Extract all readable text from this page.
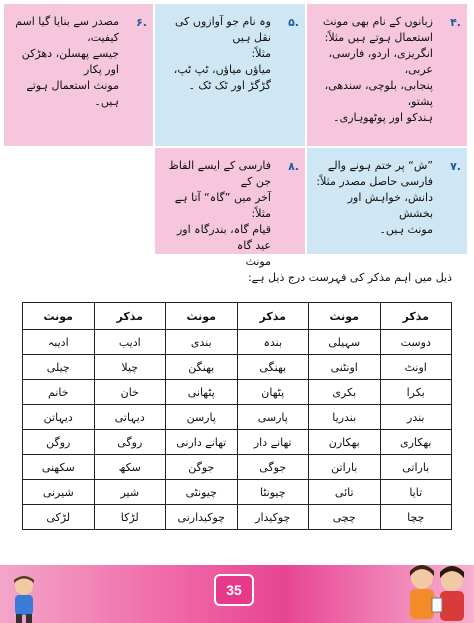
۴.
زبانوں کے نام بھی مونث
استعمال ہوتے ہیں مثلاً:
انگریزی، اردو، فارسی، عربی،
پنجابی، بلوچی، سندھی، پشتو،
ہندکو اور پوٹھوہاری۔
۵.
وہ نام جو آوازوں کی نقل ہیں
مثلاً:
میاؤں میاؤں، ٹپ ٹپ،
گڑگڑ اور ٹک ٹک ۔
۶.
مصدر سے بنایا گیا اسم کیفیت،
جیسے پھسلن، دھڑکن اور پکار
مونث استعمال ہوتے ہیں۔
۷.
”ش“ پر ختم ہونے والے
فارسی حاصل مصدر مثلاً:
دانش، خواہش اور بخشش
مونث ہیں۔
۸.
فارسی کے ایسے الفاظ جن کے
آخر میں ”گاہ“ آتا ہے مثلاً:
قیام گاہ، بندرگاہ اور عید گاہ
مونث
ذیل میں اہم مذکر کی فہرست درج ذیل ہے:
مذکر	مونث	مذکر	مونث	مذکر	مونث
دوست	سہیلی	بندہ	بندی	ادیب	ادیبہ
اونٹ	اونٹنی	بھنگی	بھنگن	چیلا	چیلی
بکرا	بکری	پٹھان	پٹھانی	خان	خانم
بندر	بندریا	پارسی	پارسن	دیہاتی	دیہاتن
بھکاری	بھکارن	تھانے دار	تھانے دارنی	روگی	روگن
باراتی	باراتن	جوگی	جوگن	سکھ	سکھنی
تایا	تائی	چیونٹا	چیونٹی	شیر	شیرنی
چچا	چچی	چوکیدار	چوکیدارنی	لڑکا	لڑکی
35
